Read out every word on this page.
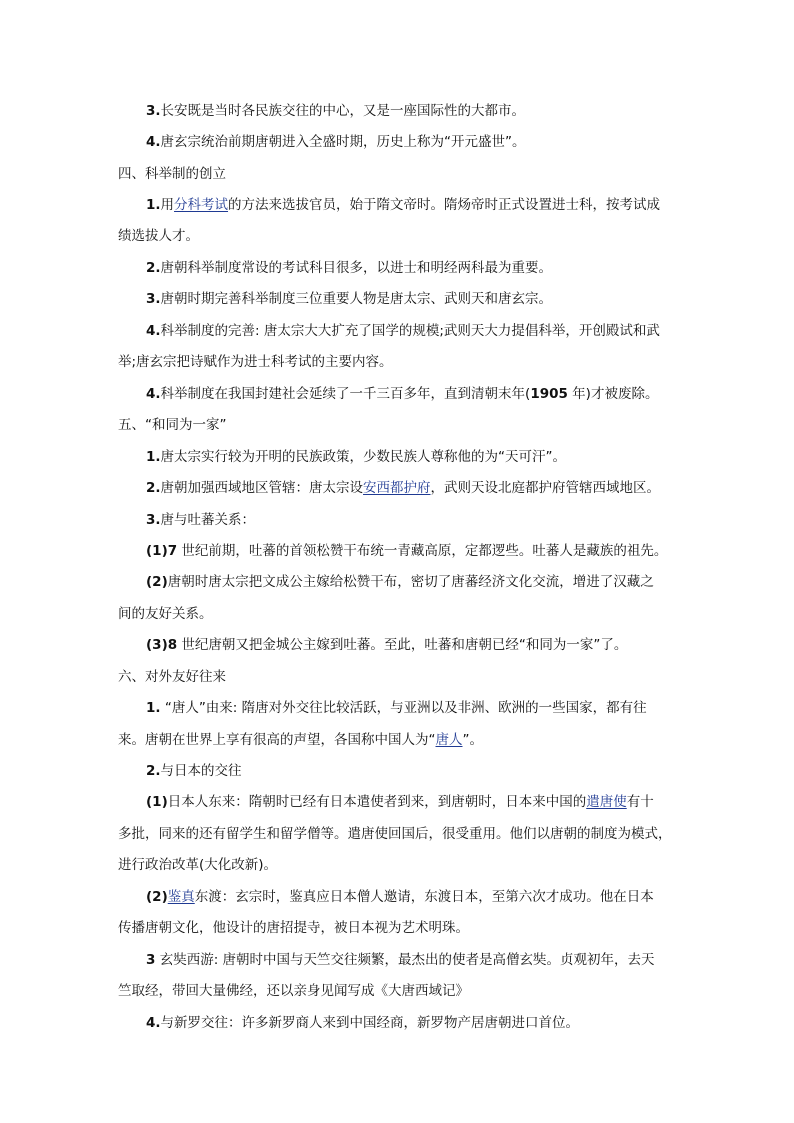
3.长安既是当时各民族交往的中心，又是一座国际性的大都市。
4.唐玄宗统治前期唐朝进入全盛时期，历史上称为“开元盛世”。
四、科举制的创立
1.用分科考试的方法来选拔官员，始于隋文帝时。隋炀帝时正式设置进士科，按考试成
绩选拔人才。
2.唐朝科举制度常设的考试科目很多，以进士和明经两科最为重要。
3.唐朝时期完善科举制度三位重要人物是唐太宗、武则天和唐玄宗。
4.科举制度的完善: 唐太宗大大扩充了国学的规模;武则天大力提倡科举，开创殿试和武
举;唐玄宗把诗赋作为进士科考试的主要内容。
4.科举制度在我国封建社会延续了一千三百多年，直到清朝末年(1905 年)才被废除。
五、“和同为一家”
1.唐太宗实行较为开明的民族政策，少数民族人尊称他的为“天可汗”。
2.唐朝加强西域地区管辖：唐太宗设安西都护府，武则天设北庭都护府管辖西域地区。
3.唐与吐蕃关系：
(1)7 世纪前期，吐蕃的首领松赞干布统一青藏高原，定都逻些。吐蕃人是藏族的祖先。
(2)唐朝时唐太宗把文成公主嫁给松赞干布，密切了唐蕃经济文化交流，增进了汉藏之
间的友好关系。
(3)8 世纪唐朝又把金城公主嫁到吐蕃。至此，吐蕃和唐朝已经“和同为一家”了。
六、对外友好往来
1. “唐人”由来: 隋唐对外交往比较活跃，与亚洲以及非洲、欧洲的一些国家，都有往
来。唐朝在世界上享有很高的声望，各国称中国人为“唐人”。
2.与日本的交往
(1)日本人东来：隋朝时已经有日本遣使者到来，到唐朝时，日本来中国的遣唐使有十
多批，同来的还有留学生和留学僧等。遣唐使回国后，很受重用。他们以唐朝的制度为模式，
进行政治改革(大化改新)。
(2)鉴真东渡：玄宗时，鉴真应日本僧人邀请，东渡日本，至第六次才成功。他在日本
传播唐朝文化，他设计的唐招提寺，被日本视为艺术明珠。
3 玄奘西游: 唐朝时中国与天竺交往频繁，最杰出的使者是高僧玄奘。贞观初年，去天
竺取经，带回大量佛经，还以亲身见闻写成《大唐西域记》
4.与新罗交往：许多新罗商人来到中国经商，新罗物产居唐朝进口首位。
